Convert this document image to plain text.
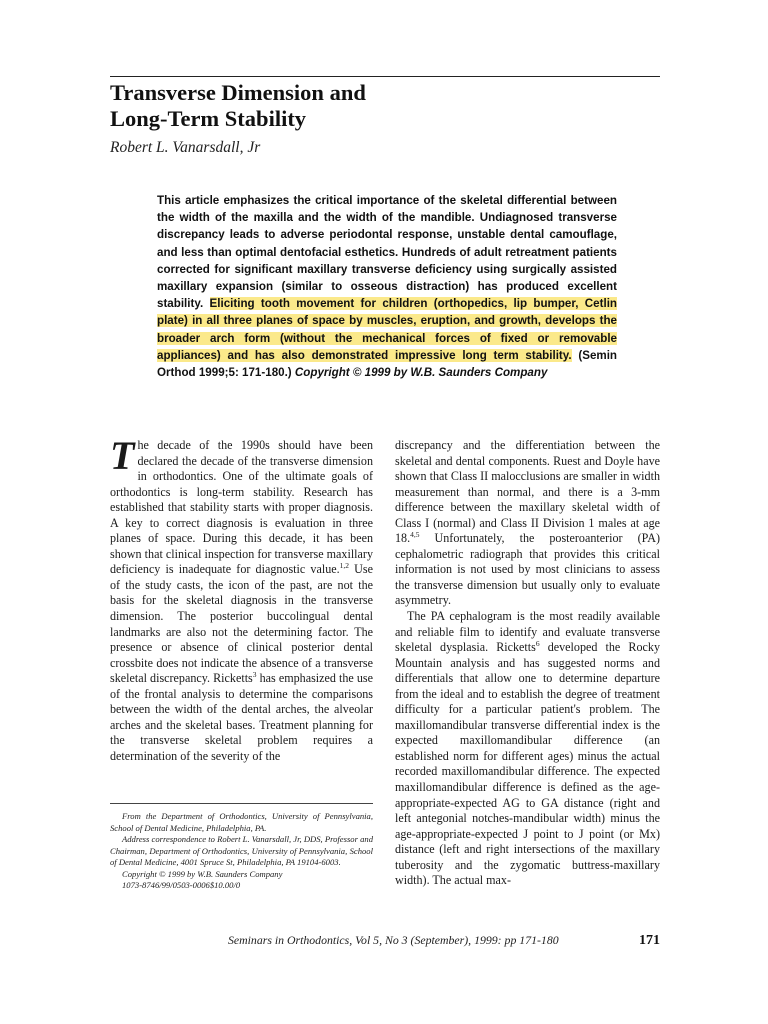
Transverse Dimension and
Long-Term Stability
Robert L. Vanarsdall, Jr

This article emphasizes the critical importance of the skeletal differential between the width of the maxilla and the width of the mandible. Undiagnosed transverse discrepancy leads to adverse periodontal response, unstable dental camouflage, and less than optimal dentofacial esthetics. Hundreds of adult retreatment patients corrected for significant maxillary transverse deficiency using surgically assisted maxillary expansion (similar to osseous distraction) has produced excellent stability. Eliciting tooth movement for children (orthopedics, lip bumper, Cetlin plate) in all three planes of space by muscles, eruption, and growth, develops the broader arch form (without the mechanical forces of fixed or removable appliances) and has also demonstrated impressive long term stability. (Semin Orthod 1999;5: 171-180.) Copyright © 1999 by W.B. Saunders Company

The decade of the 1990s should have been declared the decade of the transverse dimension in orthodontics. One of the ultimate goals of orthodontics is long-term stability. Research has established that stability starts with proper diagnosis. A key to correct diagnosis is evaluation in three planes of space. During this decade, it has been shown that clinical inspection for transverse maxillary deficiency is inadequate for diagnostic value.$^{1,2}$ Use of the study casts, the icon of the past, are not the basis for the skeletal diagnosis in the transverse dimension. The posterior buccolingual dental landmarks are also not the determining factor. The presence or absence of clinical posterior dental crossbite does not indicate the absence of a transverse skeletal discrepancy. Ricketts$^3$ has emphasized the use of the frontal analysis to determine the comparisons between the width of the dental arches, the alveolar arches and the skeletal bases. Treatment planning for the transverse skeletal problem requires a determination of the severity of the

discrepancy and the differentiation between the skeletal and dental components. Ruest and Doyle have shown that Class II malocclusions are smaller in width measurement than normal, and there is a 3-mm difference between the maxillary skeletal width of Class I (normal) and Class II Division 1 males at age 18.$^{4,5}$ Unfortunately, the posteroanterior (PA) cephalometric radiograph that provides this critical information is not used by most clinicians to assess the transverse dimension but usually only to evaluate asymmetry.

The PA cephalogram is the most readily available and reliable film to identify and evaluate transverse skeletal dysplasia. Ricketts$^6$ developed the Rocky Mountain analysis and has suggested norms and differentials that allow one to determine departure from the ideal and to establish the degree of treatment difficulty for a particular patient's problem. The maxillomandibular transverse differential index is the expected maxillomandibular difference (an established norm for different ages) minus the actual recorded maxillomandibular difference. The expected maxillomandibular difference is defined as the age-appropriate-expected AG to GA distance (right and left antegonial notches-mandibular width) minus the age-appropriate-expected J point to J point (or Mx) distance (left and right intersections of the maxillary tuberosity and the zygomatic buttress-maxillary width). The actual max-

From the Department of Orthodontics, University of Pennsylvania, School of Dental Medicine, Philadelphia, PA.

Address correspondence to Robert L. Vanarsdall, Jr, DDS, Professor and Chairman, Department of Orthodontics, University of Pennsylvania, School of Dental Medicine, 4001 Spruce St, Philadelphia, PA 19104-6003.

Copyright © 1999 by W.B. Saunders Company

1073-8746/99/0503-0006$10.00/0

Seminars in Orthodontics, Vol 5, No 3 (September), 1999: pp 171-180	171
